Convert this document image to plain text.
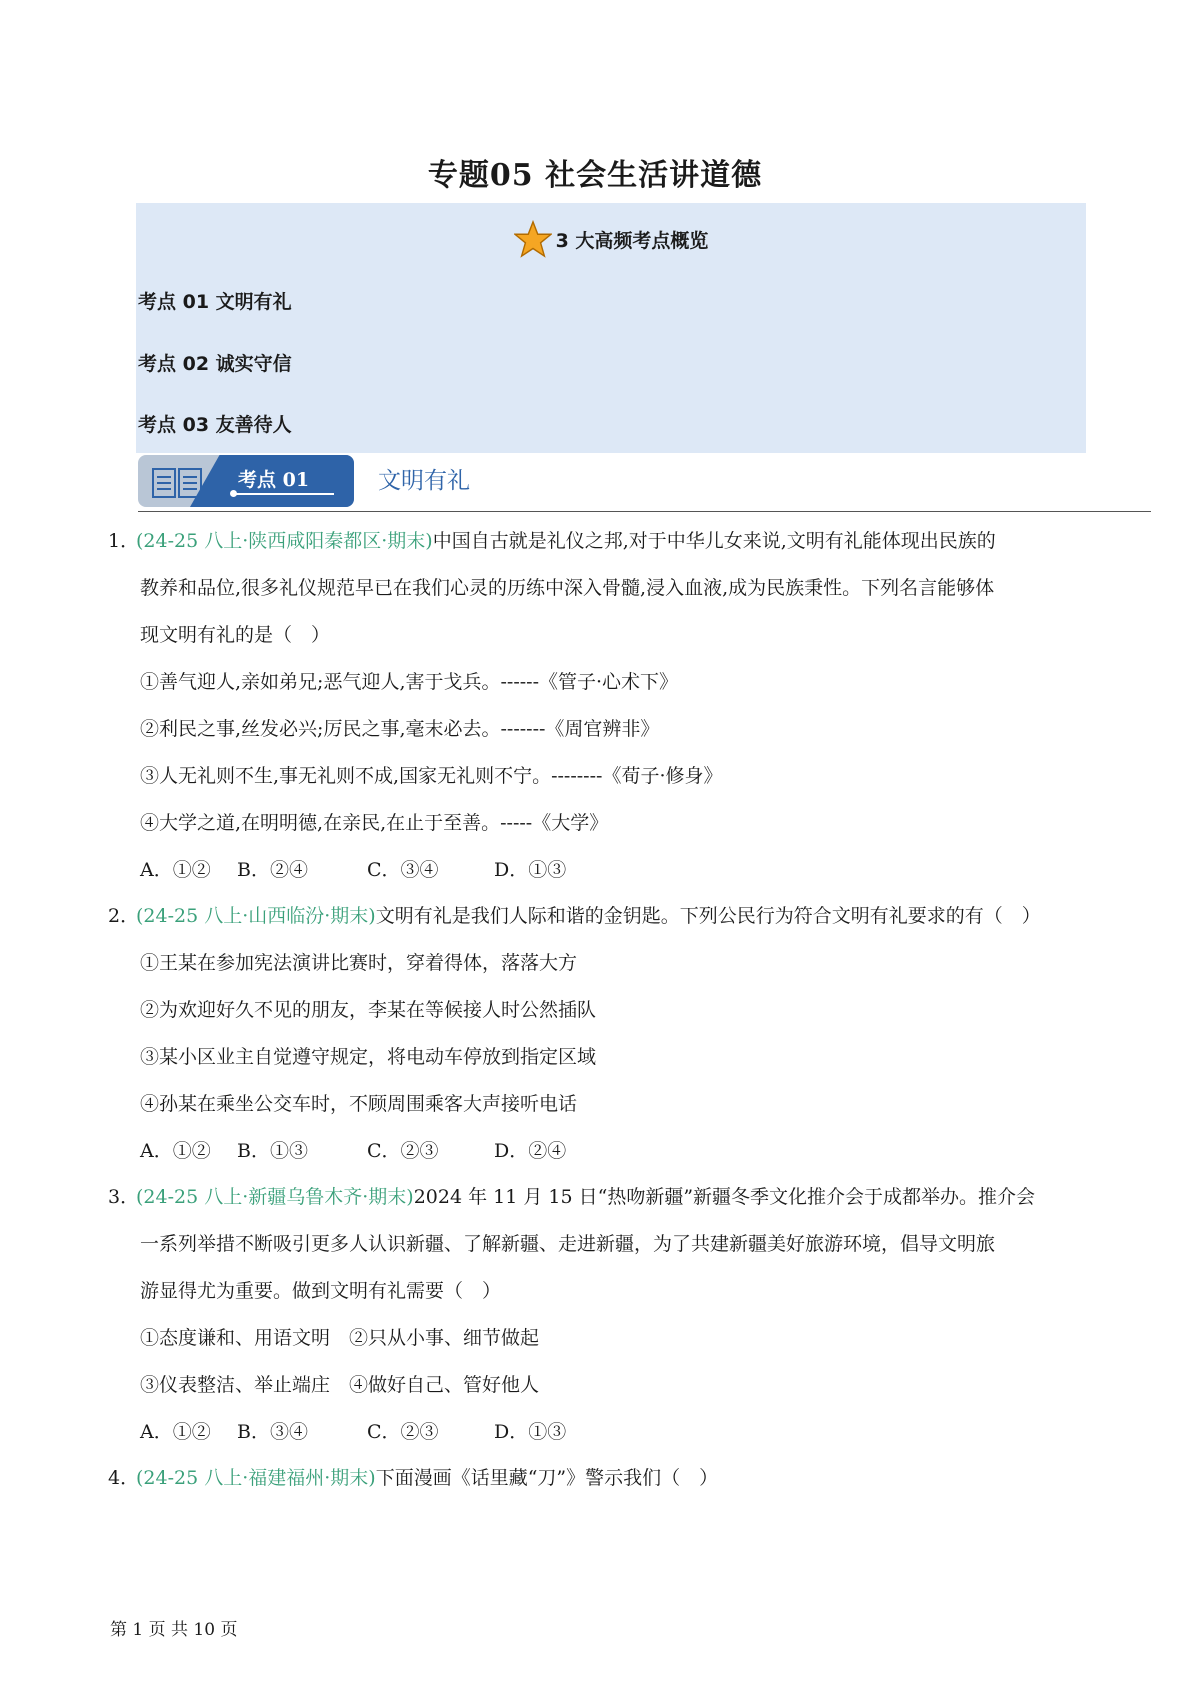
专题05 社会生活讲道德
3 大高频考点概览
考点 01 文明有礼
考点 02 诚实守信
考点 03 友善待人
考点 01	文明有礼
1．(24-25 八上·陕西咸阳秦都区·期末)中国自古就是礼仪之邦,对于中华儿女来说,文明有礼能体现出民族的
教养和品位,很多礼仪规范早已在我们心灵的历练中深入骨髓,浸入血液,成为民族秉性。下列名言能够体
现文明有礼的是（　）
①善气迎人,亲如弟兄;恶气迎人,害于戈兵。------《管子·心术下》
②利民之事,丝发必兴;厉民之事,毫末必去。-------《周官辨非》
③人无礼则不生,事无礼则不成,国家无礼则不宁。--------《荀子·修身》
④大学之道,在明明德,在亲民,在止于至善。-----《大学》
A．①② B．②④	C．③④	D．①③
2．(24-25 八上·山西临汾·期末)文明有礼是我们人际和谐的金钥匙。下列公民行为符合文明有礼要求的有（　）
①王某在参加宪法演讲比赛时，穿着得体，落落大方
②为欢迎好久不见的朋友，李某在等候接人时公然插队
③某小区业主自觉遵守规定，将电动车停放到指定区域
④孙某在乘坐公交车时，不顾周围乘客大声接听电话
A．①② B．①③	C．②③	D．②④
3．(24-25 八上·新疆乌鲁木齐·期末)2024 年 11 月 15 日“热吻新疆”新疆冬季文化推介会于成都举办。推介会
一系列举措不断吸引更多人认识新疆、了解新疆、走进新疆，为了共建新疆美好旅游环境，倡导文明旅
游显得尤为重要。做到文明有礼需要（　）
①态度谦和、用语文明　②只从小事、细节做起
③仪表整洁、举止端庄　④做好自己、管好他人
A．①② B．③④	C．②③	D．①③
4．(24-25 八上·福建福州·期末)下面漫画《话里藏“刀”》警示我们（　）
第 1 页 共 10 页
